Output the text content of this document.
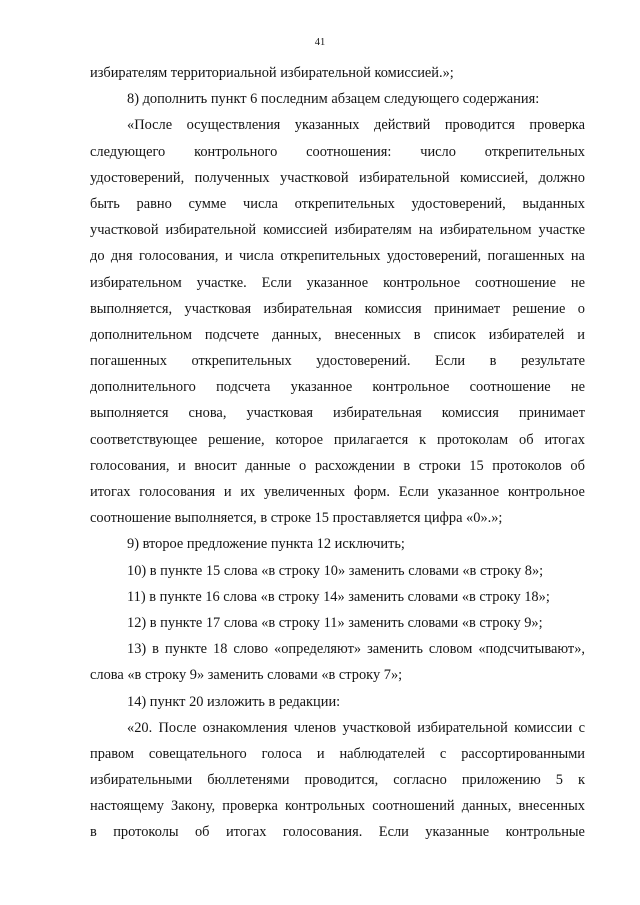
41
избирателям территориальной избирательной комиссией.»;
8) дополнить пункт 6 последним абзацем следующего содержания:
«После осуществления указанных действий проводится проверка
следующего контрольного соотношения: число открепительных
удостоверений, полученных участковой избирательной комиссией, должно
быть равно сумме числа открепительных удостоверений, выданных
участковой избирательной комиссией избирателям на избирательном участке
до дня голосования, и числа открепительных удостоверений, погашенных на
избирательном участке. Если указанное контрольное соотношение не
выполняется, участковая избирательная комиссия принимает решение о
дополнительном подсчете данных, внесенных в список избирателей и
погашенных открепительных удостоверений. Если в результате
дополнительного подсчета указанное контрольное соотношение не
выполняется снова, участковая избирательная комиссия принимает
соответствующее решение, которое прилагается к протоколам об итогах
голосования, и вносит данные о расхождении в строки 15 протоколов об
итогах голосования и их увеличенных форм. Если указанное контрольное
соотношение выполняется, в строке 15 проставляется цифра «0».»;
9) второе предложение пункта 12 исключить;
10) в пункте 15 слова «в строку 10» заменить словами «в строку 8»;
11) в пункте 16 слова «в строку 14» заменить словами «в строку 18»;
12) в пункте 17 слова «в строку 11» заменить словами «в строку 9»;
13) в пункте 18 слово «определяют» заменить словом «подсчитывают»,
слова «в строку 9» заменить словами «в строку 7»;
14) пункт 20 изложить в редакции:
«20. После ознакомления членов участковой избирательной комиссии с
правом совещательного голоса и наблюдателей с рассортированными
избирательными бюллетенями проводится, согласно приложению 5 к
настоящему Закону, проверка контрольных соотношений данных, внесенных
в протоколы об итогах голосования. Если указанные контрольные
